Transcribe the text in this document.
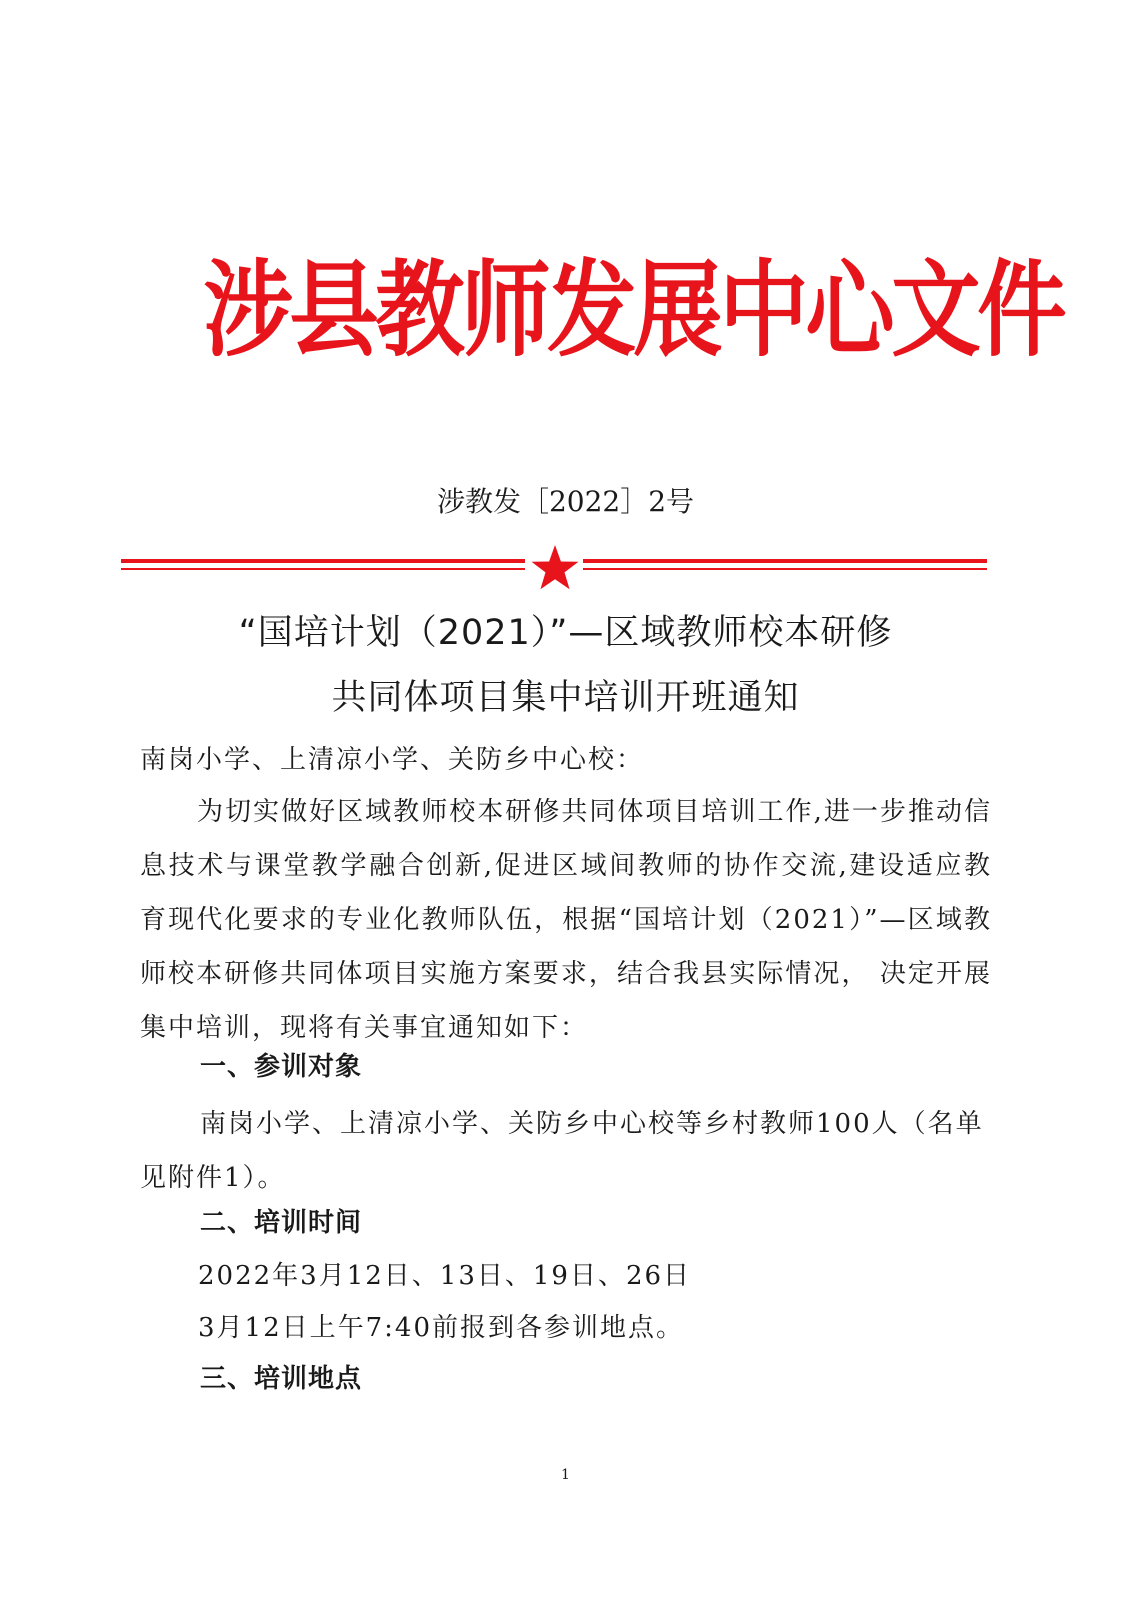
涉县教师发展中心文件
涉教发［2022］2号
“国培计划（2021）”—区域教师校本研修
共同体项目集中培训开班通知
南岗小学、上清凉小学、关防乡中心校：
为切实做好区域教师校本研修共同体项目培训工作,进一步推动信息技术与课堂教学融合创新,促进区域间教师的协作交流,建设适应教育现代化要求的专业化教师队伍，根据“国培计划（2021）”—区域教师校本研修共同体项目实施方案要求，结合我县实际情况， 决定开展集中培训，现将有关事宜通知如下：
一、参训对象
南岗小学、上清凉小学、关防乡中心校等乡村教师100人（名单见附件1）。
二、培训时间
2022年3月12日、13日、19日、26日
3月12日上午7:40前报到各参训地点。
三、培训地点
1
